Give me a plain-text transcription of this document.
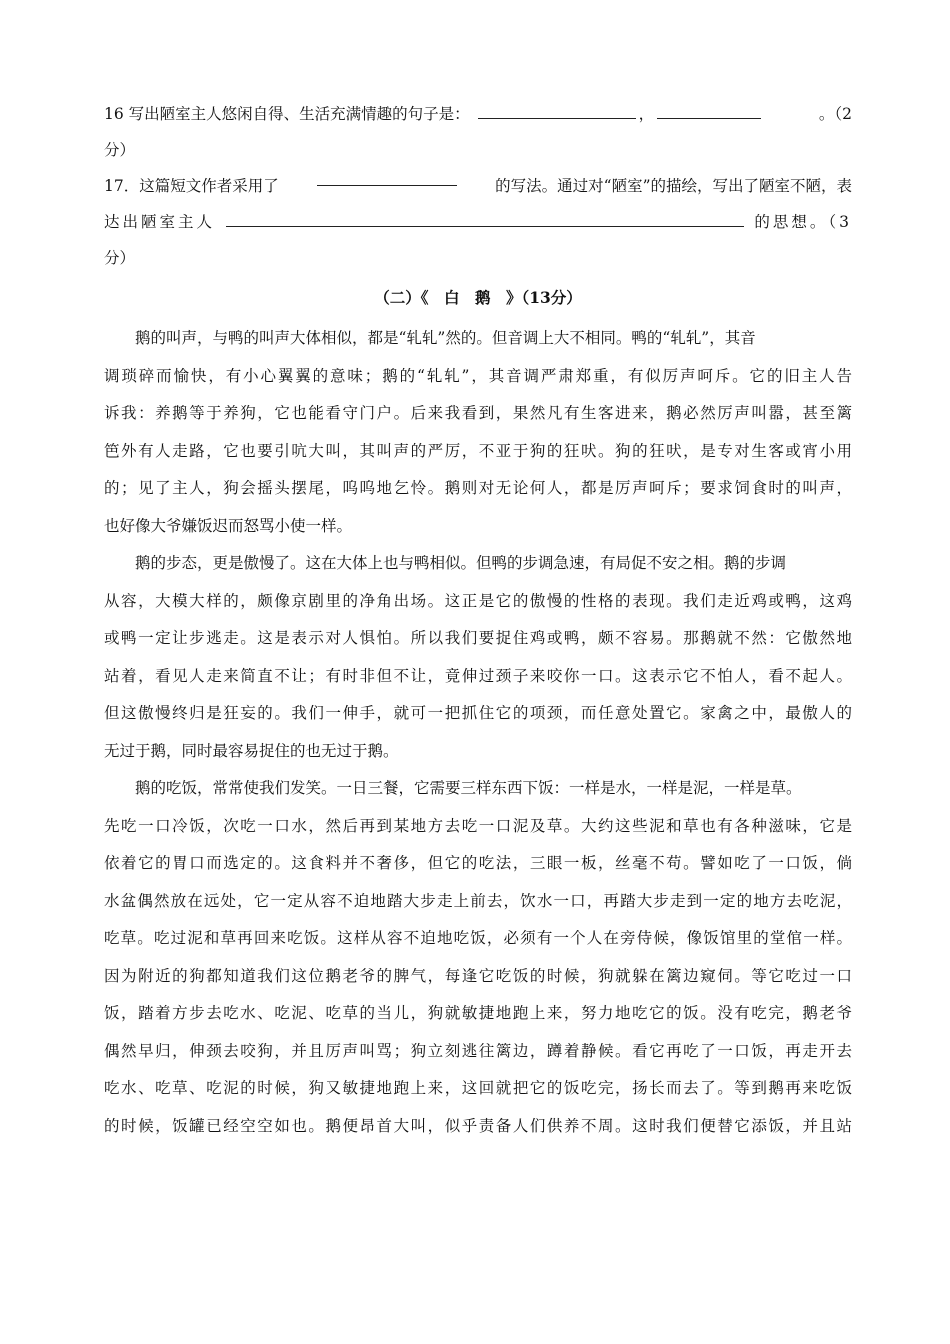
16 写出陋室主人悠闲自得、生活充满情趣的句子是：	，	。（2
分）
17．这篇短文作者采用了	的写法。通过对“陋室”的描绘，写出了陋室不陋，表
达出陋室主人	的思想。（3
分）
（二）《　白　鹅　》（13分）

鹅的叫声，与鸭的叫声大体相似，都是“轧轧”然的。但音调上大不相同。鸭的“轧轧”，其音

调琐碎而愉快，有小心翼翼的意味；鹅的“轧轧”，其音调严肃郑重，有似厉声呵斥。它的旧主人告
诉我：养鹅等于养狗，它也能看守门户。后来我看到，果然凡有生客进来，鹅必然厉声叫嚣，甚至篱
笆外有人走路，它也要引吭大叫，其叫声的严厉，不亚于狗的狂吠。狗的狂吠，是专对生客或宵小用
的；见了主人，狗会摇头摆尾，呜呜地乞怜。鹅则对无论何人，都是厉声呵斥；要求饲食时的叫声，
也好像大爷嫌饭迟而怒骂小使一样。

鹅的步态，更是傲慢了。这在大体上也与鸭相似。但鸭的步调急速，有局促不安之相。鹅的步调

从容，大模大样的，颇像京剧里的净角出场。这正是它的傲慢的性格的表现。我们走近鸡或鸭，这鸡
或鸭一定让步逃走。这是表示对人惧怕。所以我们要捉住鸡或鸭，颇不容易。那鹅就不然：它傲然地
站着，看见人走来简直不让；有时非但不让，竟伸过颈子来咬你一口。这表示它不怕人，看不起人。
但这傲慢终归是狂妄的。我们一伸手，就可一把抓住它的项颈，而任意处置它。家禽之中，最傲人的
无过于鹅，同时最容易捉住的也无过于鹅。

鹅的吃饭，常常使我们发笑。一日三餐，它需要三样东西下饭：一样是水，一样是泥，一样是草。

先吃一口冷饭，次吃一口水，然后再到某地方去吃一口泥及草。大约这些泥和草也有各种滋味，它是
依着它的胃口而选定的。这食料并不奢侈，但它的吃法，三眼一板，丝毫不苟。譬如吃了一口饭，倘
水盆偶然放在远处，它一定从容不迫地踏大步走上前去，饮水一口，再踏大步走到一定的地方去吃泥，
吃草。吃过泥和草再回来吃饭。这样从容不迫地吃饭，必须有一个人在旁侍候，像饭馆里的堂倌一样。
因为附近的狗都知道我们这位鹅老爷的脾气，每逢它吃饭的时候，狗就躲在篱边窥伺。等它吃过一口
饭，踏着方步去吃水、吃泥、吃草的当儿，狗就敏捷地跑上来，努力地吃它的饭。没有吃完，鹅老爷
偶然早归，伸颈去咬狗，并且厉声叫骂；狗立刻逃往篱边，蹲着静候。看它再吃了一口饭，再走开去
吃水、吃草、吃泥的时候，狗又敏捷地跑上来，这回就把它的饭吃完，扬长而去了。等到鹅再来吃饭
的时候，饭罐已经空空如也。鹅便昂首大叫，似乎责备人们供养不周。这时我们便替它添饭，并且站
